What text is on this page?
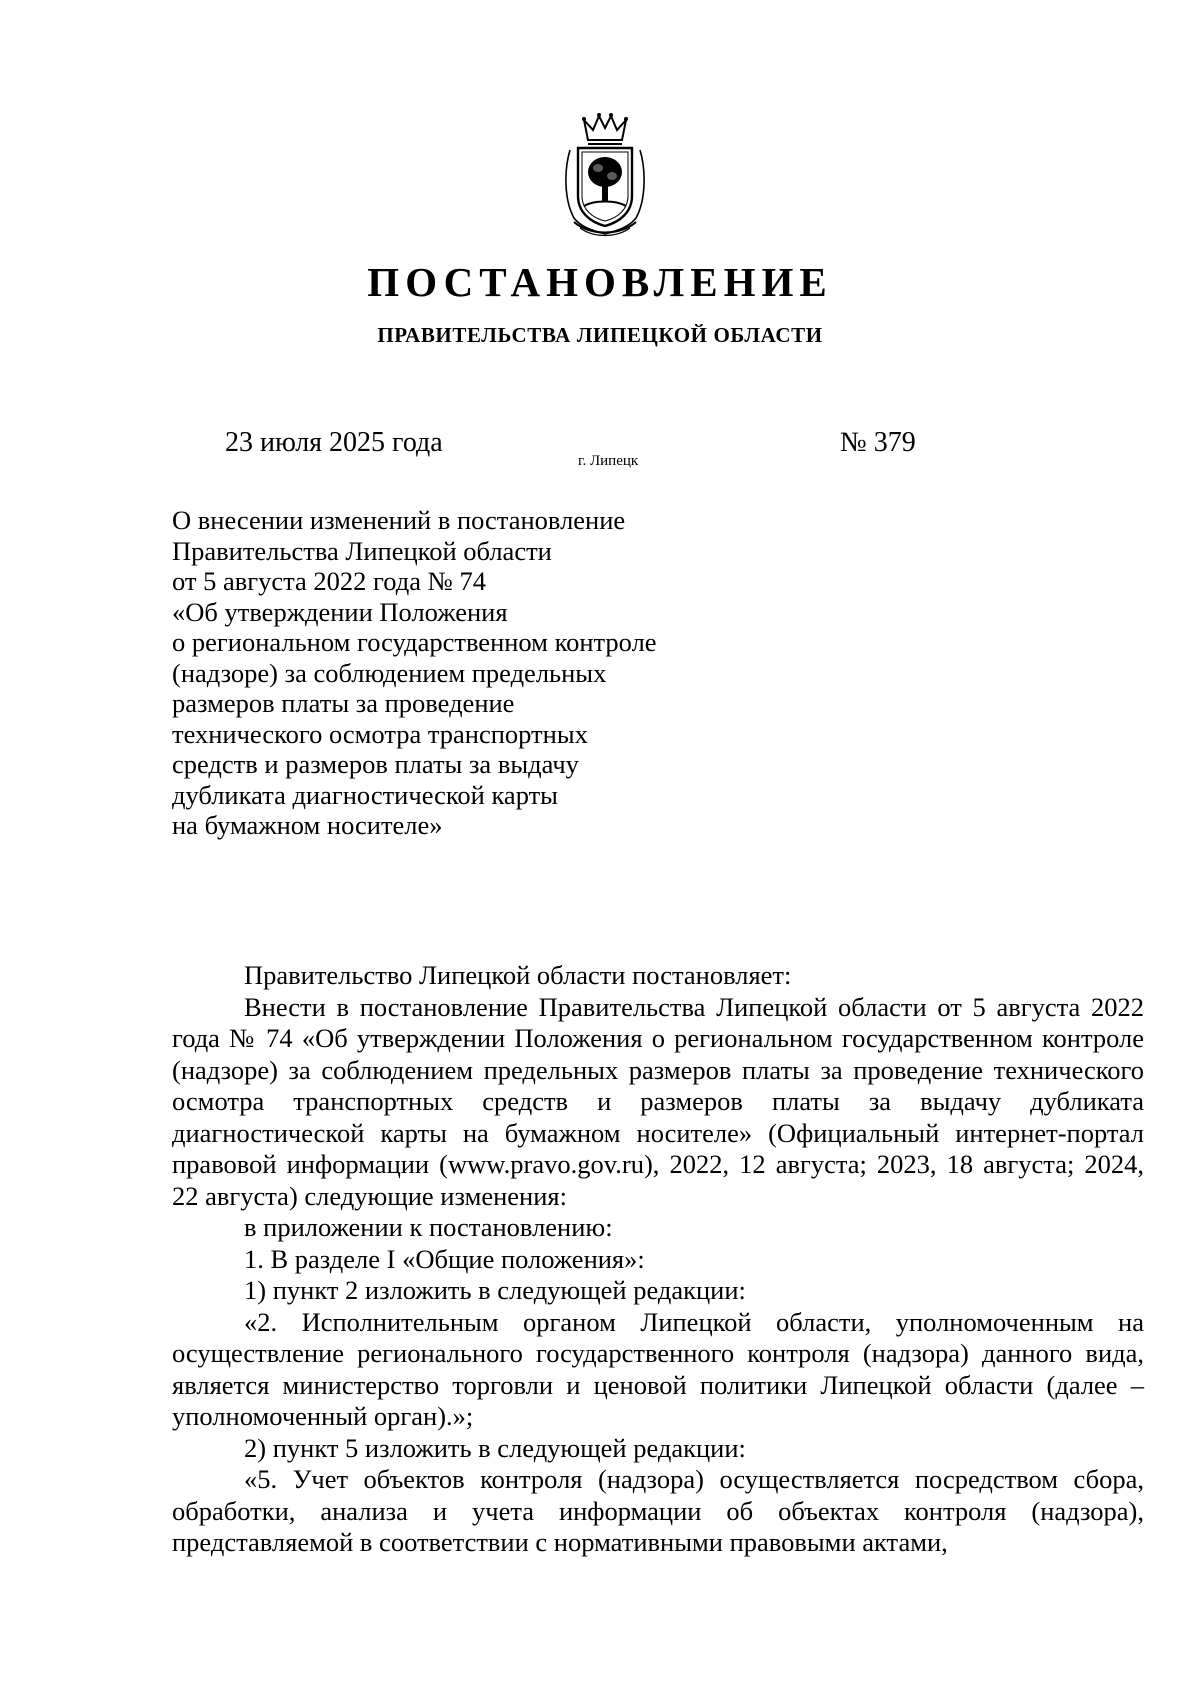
ПОСТАНОВЛЕНИЕ
ПРАВИТЕЛЬСТВА ЛИПЕЦКОЙ ОБЛАСТИ
23 июля 2025 года
г. Липецк
№ 379
О внесении изменений в постановление
Правительства Липецкой области
от 5 августа 2022 года № 74
«Об утверждении Положения
о региональном государственном контроле
(надзоре) за соблюдением предельных
размеров платы за проведение
технического осмотра транспортных
средств и размеров платы за выдачу
дубликата диагностической карты
на бумажном носителе»

Правительство Липецкой области постановляет:

Внести в постановление Правительства Липецкой области от 5 августа 2022 года № 74 «Об утверждении Положения о региональном государственном контроле (надзоре) за соблюдением предельных размеров платы за проведение технического осмотра транспортных средств и размеров платы за выдачу дубликата диагностической карты на бумажном носителе» (Официальный интернет-портал правовой информации (www.pravo.gov.ru), 2022, 12 августа; 2023, 18 августа; 2024, 22 августа) следующие изменения:

в приложении к постановлению:

1. В разделе I «Общие положения»:

1) пункт 2 изложить в следующей редакции:

«2. Исполнительным органом Липецкой области, уполномоченным на осуществление регионального государственного контроля (надзора) данного вида, является министерство торговли и ценовой политики Липецкой области (далее – уполномоченный орган).»;

2) пункт 5 изложить в следующей редакции:

«5. Учет объектов контроля (надзора) осуществляется посредством сбора, обработки, анализа и учета информации об объектах контроля (надзора), представляемой в соответствии с нормативными правовыми актами,
